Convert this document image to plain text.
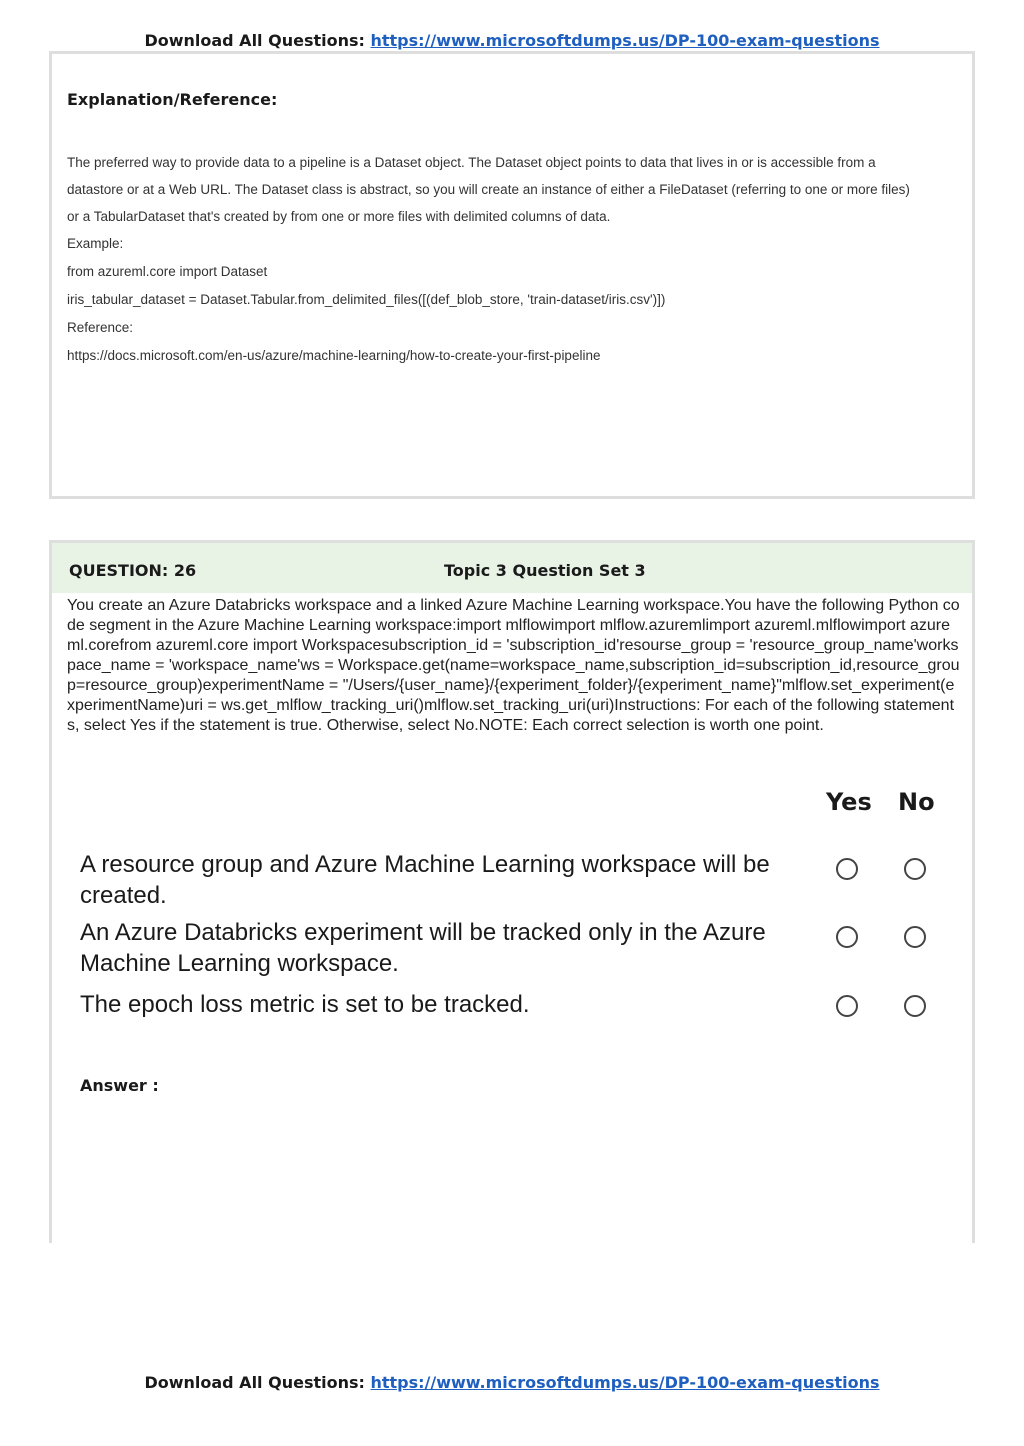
Download All Questions: https://www.microsoftdumps.us/DP-100-exam-questions
Explanation/Reference:

The preferred way to provide data to a pipeline is a Dataset object. The Dataset object points to data that lives in or is accessible from a datastore or at a Web URL. The Dataset class is abstract, so you will create an instance of either a FileDataset (referring to one or more files) or a TabularDataset that's created by from one or more files with delimited columns of data.

Example:

from azureml.core import Dataset

iris_tabular_dataset = Dataset.Tabular.from_delimited_files([(def_blob_store, 'train-dataset/iris.csv')])

Reference:

https://docs.microsoft.com/en-us/azure/machine-learning/how-to-create-your-first-pipeline

QUESTION: 26	Topic 3 Question Set 3
You create an Azure Databricks workspace and a linked Azure Machine Learning workspace.You have the following Python code segment in the Azure Machine Learning workspace:import mlflowimport mlflow.azuremlimport azureml.mlflowimport azureml.corefrom azureml.core import Workspacesubscription_id = 'subscription_id'resourse_group = 'resource_group_name'workspace_name = 'workspace_name'ws = Workspace.get(name=workspace_name,subscription_id=subscription_id,resource_group=resource_group)experimentName = "/Users/{user_name}/{experiment_folder}/{experiment_name}"mlflow.set_experiment(experimentName)uri = ws.get_mlflow_tracking_uri()mlflow.set_tracking_uri(uri)Instructions: For each of the following statements, select Yes if the statement is true. Otherwise, select No.NOTE: Each correct selection is worth one point.
Yes No
A resource group and Azure Machine Learning workspace will be created.
An Azure Databricks experiment will be tracked only in the Azure Machine Learning workspace.
The epoch loss metric is set to be tracked.
Answer :
Download All Questions: https://www.microsoftdumps.us/DP-100-exam-questions
